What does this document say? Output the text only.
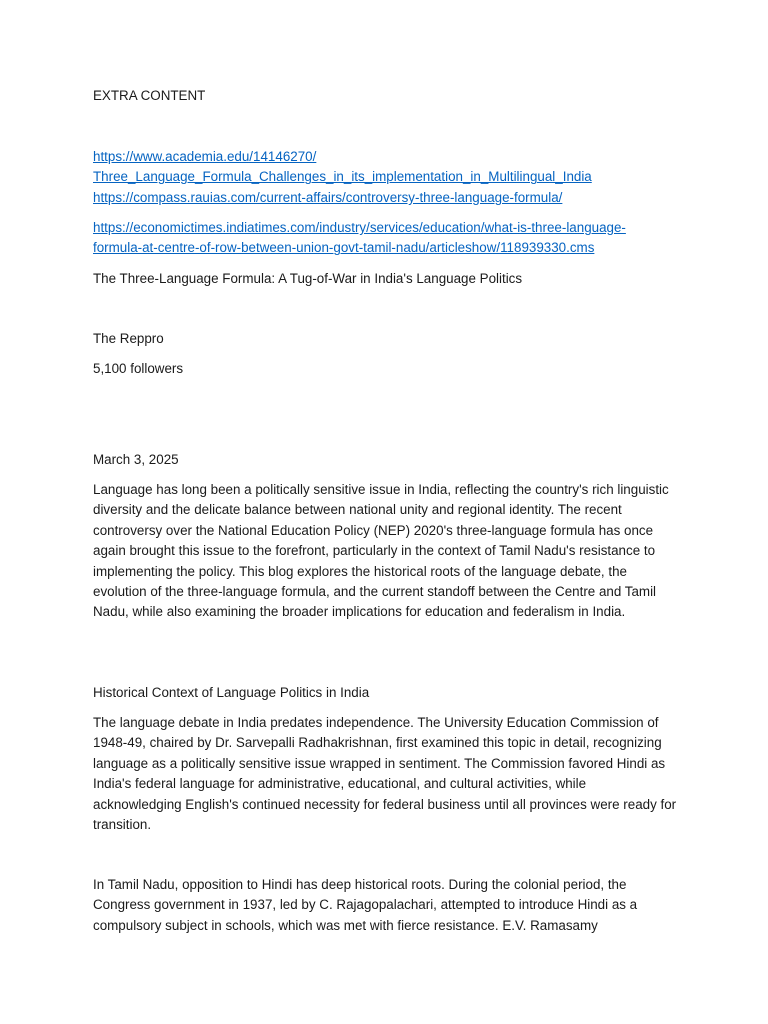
EXTRA CONTENT

https://www.academia.edu/14146270/
Three_Language_Formula_Challenges_in_its_implementation_in_Multilingual_India
https://compass.rauias.com/current-affairs/controversy-three-language-formula/
https://economictimes.indiatimes.com/industry/services/education/what-is-three-language-
formula-at-centre-of-row-between-union-govt-tamil-nadu/articleshow/118939330.cms

The Three-Language Formula: A Tug-of-War in India's Language Politics

The Reppro

5,100 followers

March 3, 2025

Language has long been a politically sensitive issue in India, reflecting the country's rich linguistic diversity and the delicate balance between national unity and regional identity. The recent controversy over the National Education Policy (NEP) 2020's three-language formula has once again brought this issue to the forefront, particularly in the context of Tamil Nadu's resistance to implementing the policy. This blog explores the historical roots of the language debate, the evolution of the three-language formula, and the current standoff between the Centre and Tamil Nadu, while also examining the broader implications for education and federalism in India.

Historical Context of Language Politics in India

The language debate in India predates independence. The University Education Commission of 1948-49, chaired by Dr. Sarvepalli Radhakrishnan, first examined this topic in detail, recognizing language as a politically sensitive issue wrapped in sentiment. The Commission favored Hindi as India's federal language for administrative, educational, and cultural activities, while acknowledging English's continued necessity for federal business until all provinces were ready for transition.

In Tamil Nadu, opposition to Hindi has deep historical roots. During the colonial period, the Congress government in 1937, led by C. Rajagopalachari, attempted to introduce Hindi as a compulsory subject in schools, which was met with fierce resistance. E.V. Ramasamy
